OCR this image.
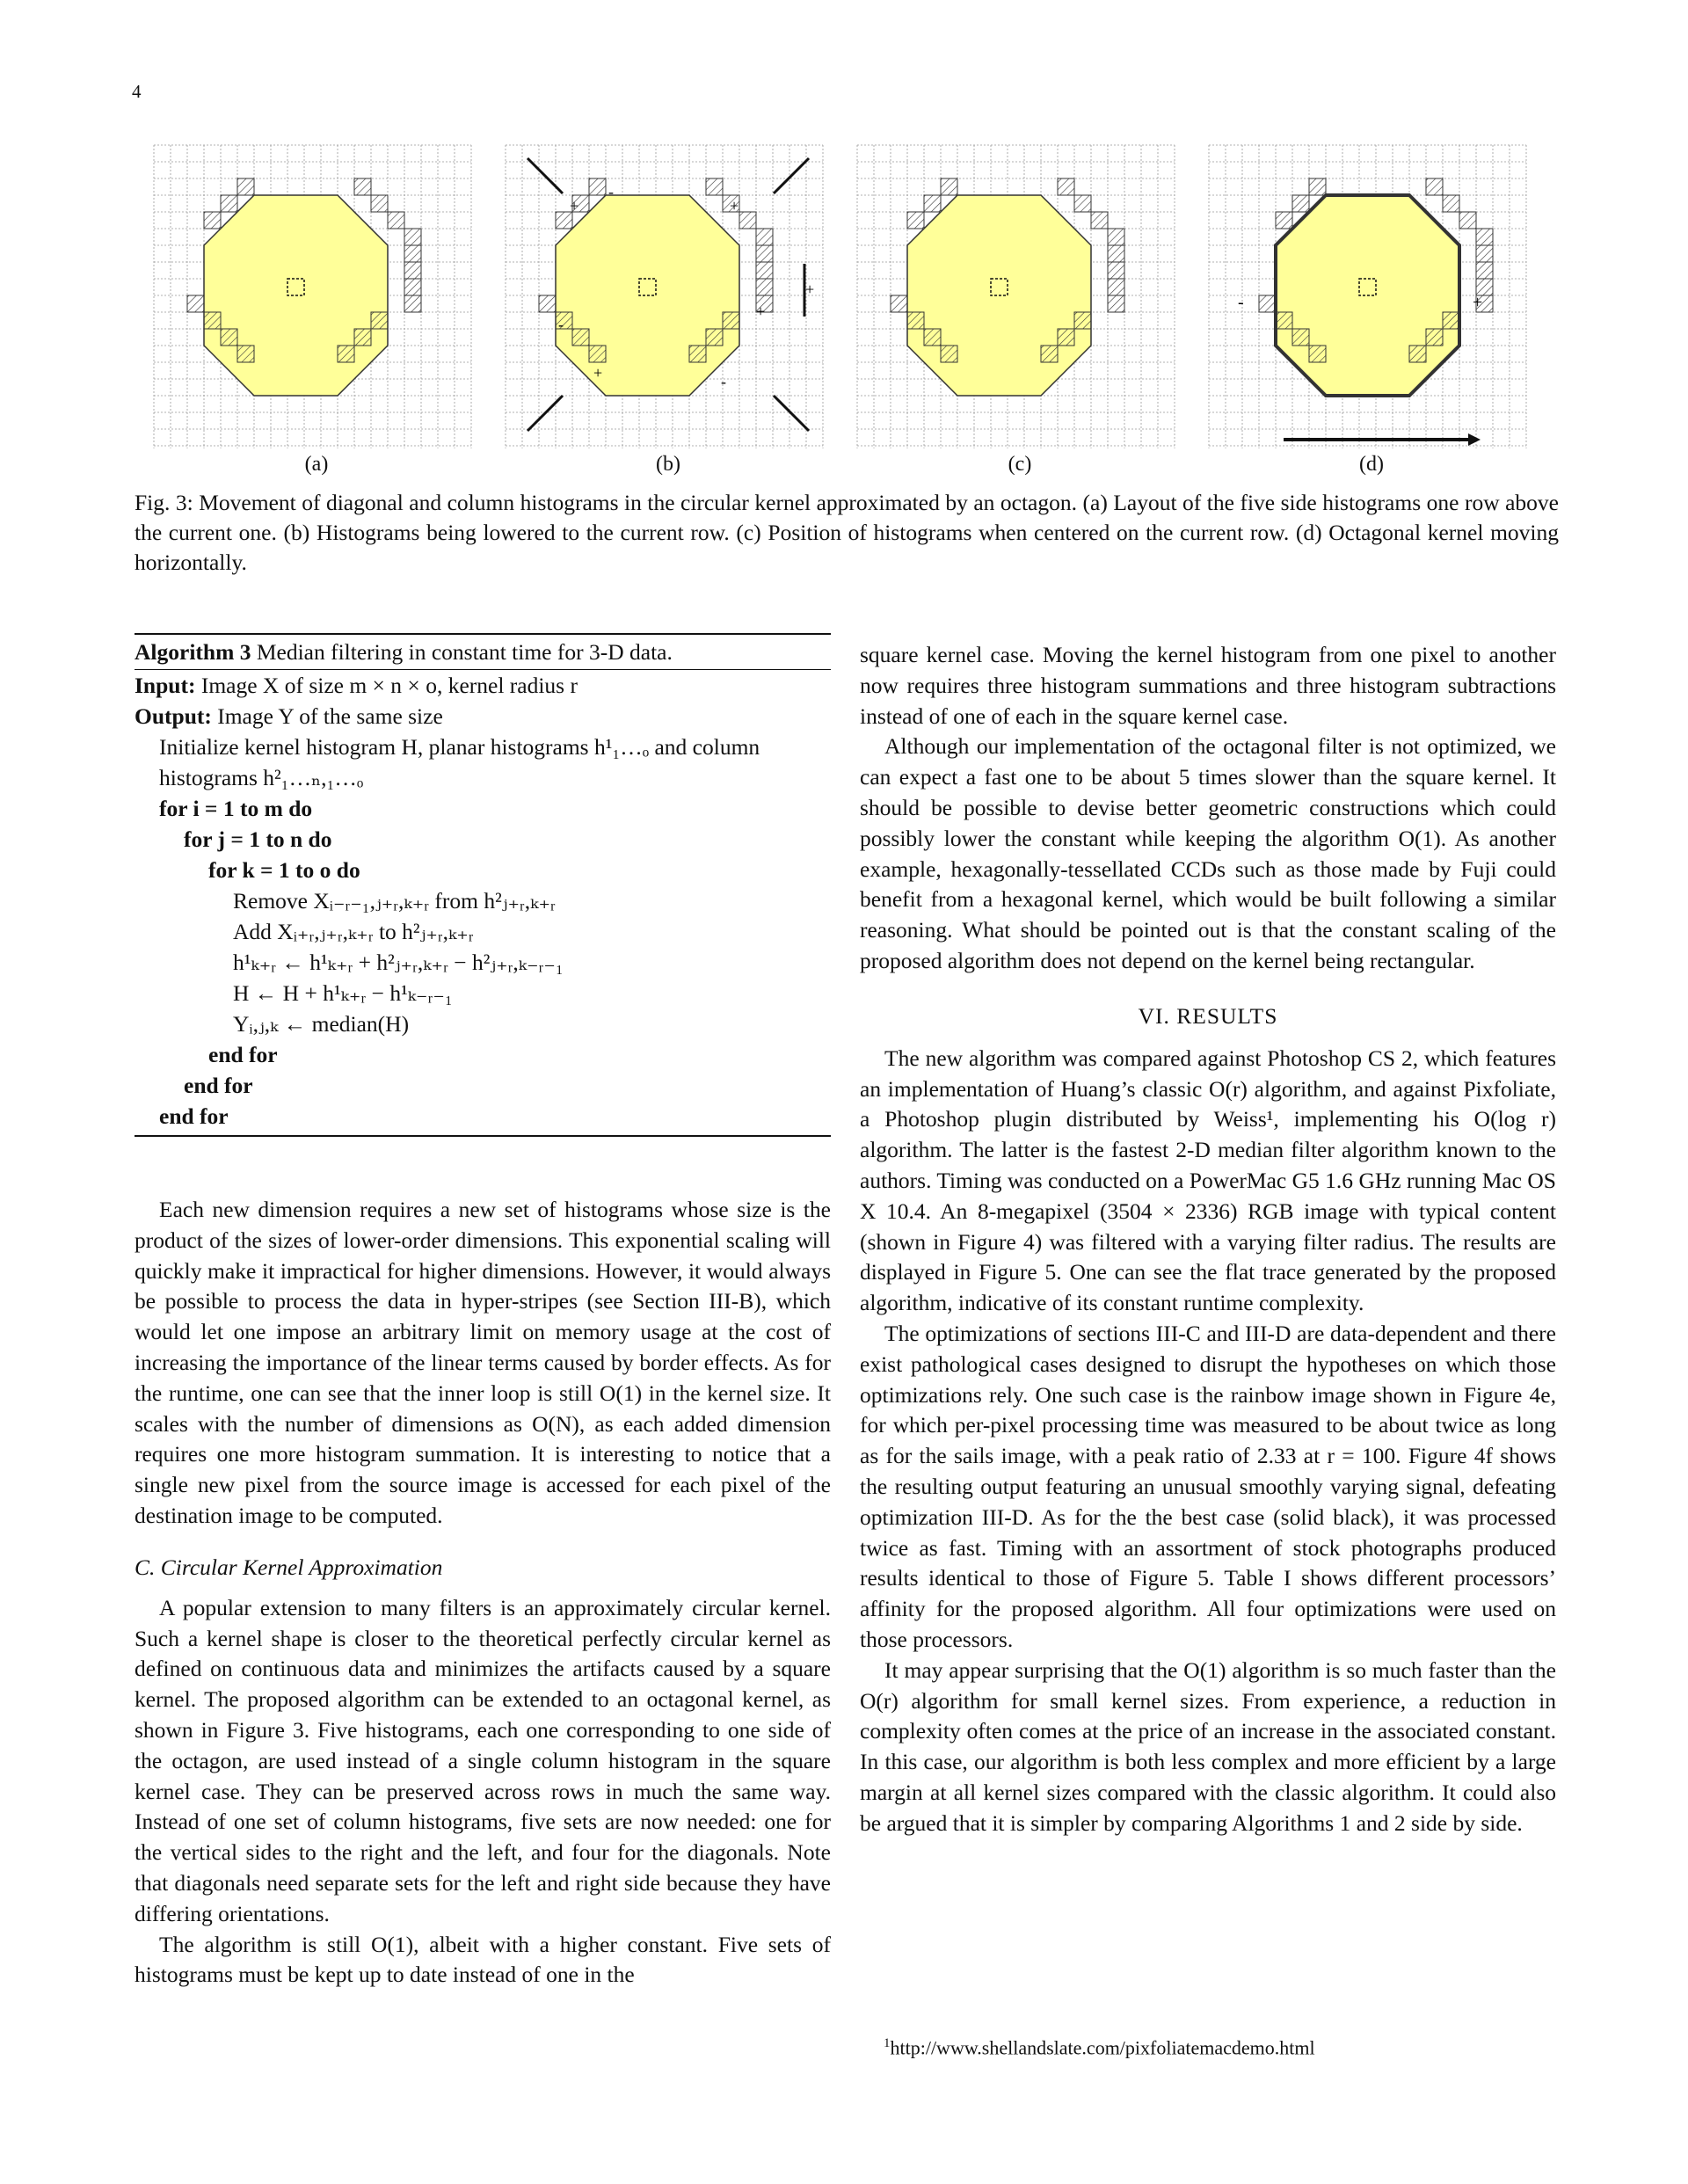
4
(a)
+
-
+
+
+
-
+	-
(b)	(c)
-	+
(d)
Fig. 3: Movement of diagonal and column histograms in the circular kernel approximated by an octagon. (a) Layout of the five side histograms one row above the current one. (b) Histograms being lowered to the current row. (c) Position of histograms when centered on the current row. (d) Octagonal kernel moving horizontally.
Algorithm 3 Median filtering in constant time for 3-D data.
Input: Image X of size m × n × o, kernel radius r
Output: Image Y of the same size
Initialize kernel histogram H, planar histograms h¹₁…ₒ and column
histograms h²₁…ₙ,₁…ₒ
for i = 1 to m do
for j = 1 to n do
for k = 1 to o do
Remove Xᵢ₋ᵣ₋₁,ⱼ₊ᵣ,ₖ₊ᵣ from h²ⱼ₊ᵣ,ₖ₊ᵣ
Add Xᵢ₊ᵣ,ⱼ₊ᵣ,ₖ₊ᵣ to h²ⱼ₊ᵣ,ₖ₊ᵣ
h¹ₖ₊ᵣ ← h¹ₖ₊ᵣ + h²ⱼ₊ᵣ,ₖ₊ᵣ − h²ⱼ₊ᵣ,ₖ₋ᵣ₋₁
H ← H + h¹ₖ₊ᵣ − h¹ₖ₋ᵣ₋₁
Yᵢ,ⱼ,ₖ ← median(H)
end for
end for
end for

Each new dimension requires a new set of histograms whose size is the product of the sizes of lower-order dimensions. This exponential scaling will quickly make it impractical for higher dimensions. However, it would always be possible to process the data in hyper-stripes (see Section III-B), which would let one impose an arbitrary limit on memory usage at the cost of increasing the importance of the linear terms caused by border effects. As for the runtime, one can see that the inner loop is still O(1) in the kernel size. It scales with the number of dimensions as O(N), as each added dimension requires one more histogram summation. It is interesting to notice that a single new pixel from the source image is accessed for each pixel of the destination image to be computed.

C. Circular Kernel Approximation

A popular extension to many filters is an approximately circular kernel. Such a kernel shape is closer to the theoretical perfectly circular kernel as defined on continuous data and minimizes the artifacts caused by a square kernel. The proposed algorithm can be extended to an octagonal kernel, as shown in Figure 3. Five histograms, each one corresponding to one side of the octagon, are used instead of a single column histogram in the square kernel case. They can be preserved across rows in much the same way. Instead of one set of column histograms, five sets are now needed: one for the vertical sides to the right and the left, and four for the diagonals. Note that diagonals need separate sets for the left and right side because they have differing orientations.

The algorithm is still O(1), albeit with a higher constant. Five sets of histograms must be kept up to date instead of one in the

square kernel case. Moving the kernel histogram from one pixel to another now requires three histogram summations and three histogram subtractions instead of one of each in the square kernel case.

Although our implementation of the octagonal filter is not optimized, we can expect a fast one to be about 5 times slower than the square kernel. It should be possible to devise better geometric constructions which could possibly lower the constant while keeping the algorithm O(1). As another example, hexagonally-tessellated CCDs such as those made by Fuji could benefit from a hexagonal kernel, which would be built following a similar reasoning. What should be pointed out is that the constant scaling of the proposed algorithm does not depend on the kernel being rectangular.

VI. RESULTS

The new algorithm was compared against Photoshop CS 2, which features an implementation of Huang’s classic O(r) algorithm, and against Pixfoliate, a Photoshop plugin distributed by Weiss¹, implementing his O(log r) algorithm. The latter is the fastest 2-D median filter algorithm known to the authors. Timing was conducted on a PowerMac G5 1.6 GHz running Mac OS X 10.4. An 8-megapixel (3504 × 2336) RGB image with typical content (shown in Figure 4) was filtered with a varying filter radius. The results are displayed in Figure 5. One can see the flat trace generated by the proposed algorithm, indicative of its constant runtime complexity.

The optimizations of sections III-C and III-D are data-dependent and there exist pathological cases designed to disrupt the hypotheses on which those optimizations rely. One such case is the rainbow image shown in Figure 4e, for which per-pixel processing time was measured to be about twice as long as for the sails image, with a peak ratio of 2.33 at r = 100. Figure 4f shows the resulting output featuring an unusual smoothly varying signal, defeating optimization III-D. As for the the best case (solid black), it was processed twice as fast. Timing with an assortment of stock photographs produced results identical to those of Figure 5. Table I shows different processors’ affinity for the proposed algorithm. All four optimizations were used on those processors.

It may appear surprising that the O(1) algorithm is so much faster than the O(r) algorithm for small kernel sizes. From experience, a reduction in complexity often comes at the price of an increase in the associated constant. In this case, our algorithm is both less complex and more efficient by a large margin at all kernel sizes compared with the classic algorithm. It could also be argued that it is simpler by comparing Algorithms 1 and 2 side by side.

$^1$http://www.shellandslate.com/pixfoliatemacdemo.html
